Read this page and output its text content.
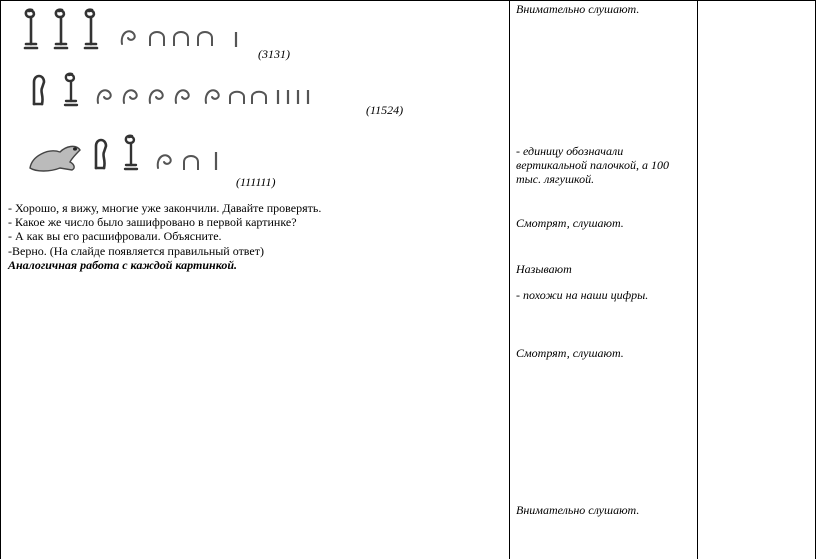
(3131)
(11524)
(111111)
- Хорошо, я вижу, многие уже закончили. Давайте проверять.
- Какое же число было зашифровано в первой картинке?
- А как вы его расшифровали. Объясните.
-Верно. (На слайде появляется правильный ответ)
Аналогичная работа с каждой картинкой.
Внимательно слушают.
- единицу обозначали вертикальной палочкой, а 100 тыс. лягушкой.
Смотрят, слушают.
Называют
- похожи на наши цифры.
Смотрят, слушают.
Внимательно слушают.
